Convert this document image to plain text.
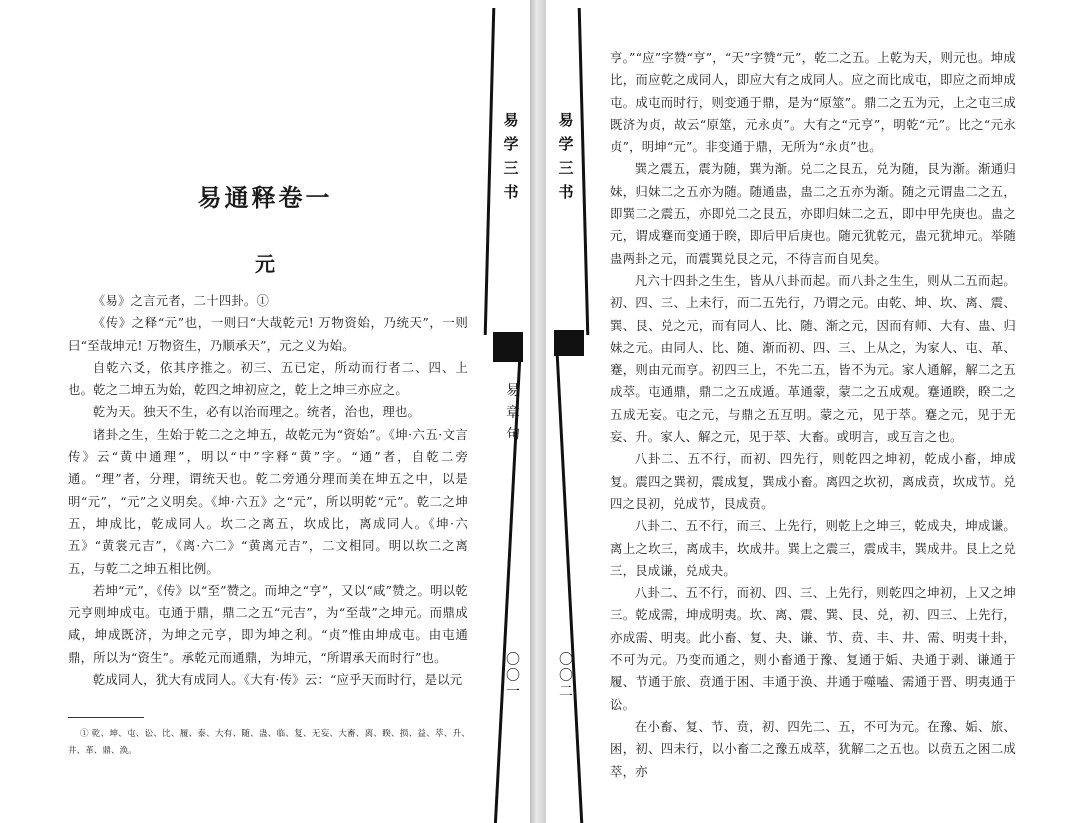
易通释卷一
元

《易》之言元者，二十四卦。①

《传》之释“元”也，一则曰“大哉乾元! 万物资始，乃统天”，一则曰“至哉坤元! 万物资生，乃顺承天”，元之义为始。

自乾六爻，依其序推之。初三、五已定，所动而行者二、四、上也。乾之二坤五为始，乾四之坤初应之，乾上之坤三亦应之。

乾为天。独天不生，必有以治而理之。统者，治也，理也。

诸卦之生，生始于乾二之之坤五，故乾元为“资始”。《坤·六五·文言传》云“黄中通理”，明以“中”字释“黄”字。“通”者，自乾二旁通。“理”者，分理，谓统天也。乾二旁通分理而美在坤五之中，以是明“元”，“元”之义明矣。《坤·六五》之“元”，所以明乾“元”。乾二之坤五，坤成比，乾成同人。坎二之离五，坎成比，离成同人。《坤·六五》“黄裳元吉”，《离·六二》“黄离元吉”，二文相同。明以坎二之离五，与乾二之坤五相比例。

若坤“元”，《传》以“至”赞之。而坤之“亨”，又以“咸”赞之。明以乾元亨则坤成屯。屯通于鼎，鼎二之五“元吉”，为“至哉”之坤元。而鼎成咸，坤成既济，为坤之元亨，即为坤之利。“贞”惟由坤成屯。由屯通鼎，所以为“资生”。承乾元而通鼎，为坤元，“所谓承天而时行”也。

乾成同人，犹大有成同人。《大有·传》云：“应乎天而时行，是以元

① 乾、坤、屯、讼、比、履、泰、大有、随、蛊、临、复、无妄、大畜、离、睽、损、益、萃、升、井、革、鼎、涣。
易
学
三
书
〇
〇
一
易
学
三
书
易
章
句
〇
〇
二

亨。”“应”字赞“亨”，“天”字赞“元”，乾二之五。上乾为天，则元也。坤成比，而应乾之成同人，即应大有之成同人。应之而比成屯，即应之而坤成屯。成屯而时行，则变通于鼎，是为“原筮”。鼎二之五为元，上之屯三成既济为贞，故云“原筮，元永贞”。大有之“元亨”，明乾“元”。比之“元永贞”，明坤“元”。非变通于鼎，无所为“永贞”也。

巽之震五，震为随，巽为渐。兑二之艮五，兑为随，艮为渐。渐通归妹，归妹二之五亦为随。随通蛊，蛊二之五亦为渐。随之元谓蛊二之五，即巽二之震五，亦即兑二之艮五，亦即归妹二之五，即中甲先庚也。蛊之元，谓成蹇而变通于睽，即后甲后庚也。随元犹乾元，蛊元犹坤元。举随蛊两卦之元，而震巽兑艮之元，不待言而自见矣。

凡六十四卦之生生，皆从八卦而起。而八卦之生生，则从二五而起。初、四、三、上未行，而二五先行，乃谓之元。由乾、坤、坎、离、震、巽、艮、兑之元，而有同人、比、随、渐之元，因而有师、大有、蛊、归妹之元。由同人、比、随、渐而初、四、三、上从之，为家人、屯、革、蹇，则由元而亨。初四三上，不先二五，皆不为元。家人通解，解二之五成萃。屯通鼎，鼎二之五成遁。革通蒙，蒙二之五成观。蹇通睽，睽二之五成无妄。屯之元，与鼎之五互明。蒙之元，见于萃。蹇之元，见于无妄、升。家人、解之元，见于萃、大畜。或明言，或互言之也。

八卦二、五不行，而初、四先行，则乾四之坤初，乾成小畜，坤成复。震四之巽初，震成复，巽成小畜。离四之坎初，离成贲，坎成节。兑四之艮初，兑成节，艮成贲。

八卦二、五不行，而三、上先行，则乾上之坤三，乾成夬，坤成谦。离上之坎三，离成丰，坎成井。巽上之震三，震成丰，巽成井。艮上之兑三，艮成谦，兑成夬。

八卦二、五不行，而初、四、三、上先行，则乾四之坤初，上又之坤三。乾成需，坤成明夷。坎、离、震、巽、艮、兑，初、四三、上先行，亦成需、明夷。此小畜、复、夬、谦、节、贲、丰、井、需、明夷十卦，不可为元。乃变而通之，则小畜通于豫、复通于姤、夬通于剥、谦通于履、节通于旅、贲通于困、丰通于涣、井通于噬嗑、需通于晋、明夷通于讼。

在小畜、复、节、贲，初、四先二、五，不可为元。在豫、姤、旅、困，初、四未行，以小畜二之豫五成萃，犹解二之五也。以贲五之困二成萃，亦
